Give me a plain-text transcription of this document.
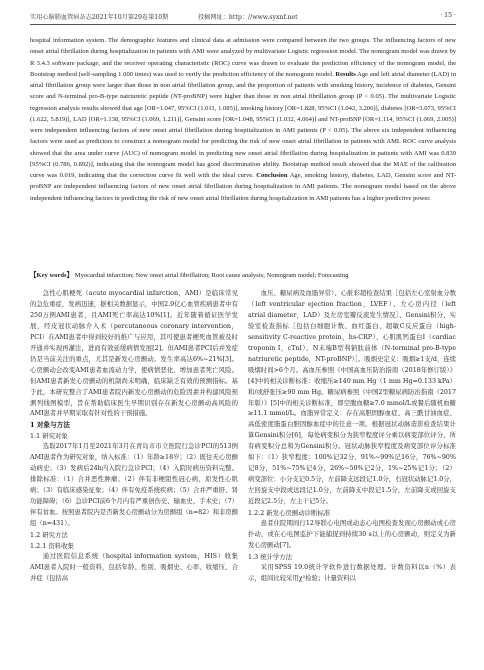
实用心脑肺血管病杂志2021年10月第29卷第10期	投稿网址：http：//www.syxnf.net	· 15 ·
hospital information system. The demographic features and clinical data at admission were compared between the two groups. The influencing factors of new onset atrial fibrillation during hospitalization in patients with AMI were analyzed by multivariate Logistic regression model. The nomogram model was drawn by R 3.4.3 software package, and the receiver operating characteristic (ROC) curve was drawn to evaluate the prediction efficiency of the nomogram model, the Bootstrap method (self-sampling 1 000 times) was used to verify the prediction efficiency of the nomogram model. Results Age and left atrial diameter (LAD) in atrial fibrillation group were larger than those in non atrial fibrillation group, and the proportion of patients with smoking history, incidence of diabetes, Gensini score and N-terminal pro-B-type natriuretic peptide (NT-proBNP) were higher than those in non atrial fibrillation group (P < 0.05). The multivariate Logistic regression analysis results showed that age [OR=1.047, 95%CI (1.011, 1.085)], smoking history [OR=1.828, 95%CI (1.042, 3.206)], diabetes [OR=3.073, 95%CI (1.622, 5.819)], LAD [OR=1.138, 95%CI (1.069, 1.211)], Gensini score [OR=1.048, 95%CI (1.032, 4.064)] and NT-proBNP [OR=1.114, 95%CI (1.069, 2.005)] were independent influencing factors of new onset atrial fibrillation during hospitalization in AMI patients (P < 0.05). The above six independent influencing factors were used as predictors to construct a nomogram model for predicting the risk of new onset atrial fibrillation in patients with AMI. ROC curve analysis showed that the area under curve (AUC) of nomogram model in predicting new onset atrial fibrillation during hospitalization in patients with AMI was 0.839 [95%CI (0.786, 0.892)], indicating that the nomogram model has good discrimination ability. Bootstrap method result showed that the MAE of the calibration curve was 0.019, indicating that the correction curve fit well with the ideal curve. Conclusion Age, smoking history, diabetes, LAD, Gensini score and NT-proBNP are independent influencing factors of new onset atrial fibrillation during hospitalization in AMI patients. The nomogram model based on the above independent influencing factors in predicting the risk of new onset atrial fibrillation during hospitalization in AMI patients has a higher predictive power.
【Key words】 Myocardial infarction; New onset atrial fibrillation; Root cause analysis; Nomogram model; Forecasting

急性心肌梗死（acute myocardial infarction，AMI）是临床常见的急危重症，发病迅速，据相关数据显示，中国2.9亿心血管疾病患者中有250万例AMI患者，且AMI死亡率高达10%[1]。近年随着循证医学发展，经皮冠状动脉介入术（percutaneous coronary intervention，PCI）在AMI患者中得到较好的推广与应用，其可使患者梗死血管被及时开通并实现再灌注，进而有效延缓病情发展[2]。但AMI患者PCI后并发症仍是当前关注的重点，尤其是新发心房颤动。发生率高达6%~21%[3]。心房颤动会改变AMI患者血流动力学，使病情恶化，增加患者死亡风险。但AMI患者新发心房颤动的机制尚未明确，临床缺乏有效的预测指标。基于此，本研究整合了AMI患者院内新发心房颤动的危险因素并构建风险预测列线图模型，旨在帮助临床医生早期识别存在新发心房颤动高风险的AMI患者并早期采取有针对性的干预措施。

1 对象与方法
1.1 研究对象

选取2017年1月至2021年3月在青岛市市立医院行急诊PCI的513例AMI患者作为研究对象，纳入标准：（1）年龄≥18岁；（2）既往无心房颤动病史；（3）发病后24h内入院行急诊PCI；（4）入院时病历资料完整。排除标准：（1）合并恶性肿瘤；（2）伴有非梗阻性冠心病、原发性心肌病；（3）有临床感染征象；（4）伴有免疫系统疾病；（5）合并严重肝、肾功能障碍；（6）急诊PCI前6个月内有严重创伤史、输血史、手术史；（7）伴有贫血。按照患者院内是否新发心房颤动分为房颤组（n=82）和非房颤组（n=431）。

1.2 研究方法
1.2.1 资料收集

通过医院信息系统（hospital information system，HIS）收集AMI患者入院时一般资料，包括年龄、性别、吸烟史、心率、收缩压、合并症（包括高

血压、糖尿病及血脂异常）、心脏彩超检查结果［包括左心室射血分数（left ventricular ejection fraction，LVEF）、左心房内径（left atrial diameter，LAD）及左房室瓣反流发生情况］、Gensini积分、实验室检查指标［包括白细胞计数、血红蛋白、超敏C反应蛋白（high-sensitivity C-reactive protein，hs-CRP）、心肌肌钙蛋白I（cardiac troponin I，cTnI）、N末端B型利钠肽前体（N-terminal pro-B-type natriuretic peptide，NT-proBNP）］。吸烟史定义：吸烟≥1支/d，连续吸烟时间>6个月。高血压参照《中国高血压防治指南（2018年修订版）》[4]中的相关诊断标准：收缩压≥140 mm Hg（1 mm Hg=0.133 kPa）和/或舒张压≥90 mm Hg。糖尿病参照《中国2型糖尿病防治指南（2017年版）》[5]中的相关诊断标准，即空腹血糖≥7.0 mmol/L或餐后随机血糖≥11.1 mmol/L。血脂异常定义：存在高胆固醇血症、高三酰甘油血症、高低密度脂蛋白胆固醇血症中的任意一项。根据冠状动脉造影检查结果计算Gensini积分[6]，每处病变积分为狭窄程度评分乘以病变部位评分，所有病变积分总和为Gensini积分。冠状动脉狭窄程度及病变部位评分标准如下：（1）狭窄程度：100%记32分，91%~99%记16分，76%~90%记8分，51%~75%记4分，26%~50%记2分，1%~25%记1分；（2）病变部位：小分支记0.5分，左前降支远段记1.0分，右冠状动脉记1.0分，左回旋支中段或远段记1.0分，左前降支中段记1.5分，左前降支或回旋支近段记2.5分，左主干记5分。

1.2.2 新发心房颤动诊断标准

患者住院期间行12导联心电图或动态心电图检查发现心房颤动或心房扑动，或在心电图监护下能捕捉到持续30 s以上的心房颤动，则定义为新发心房颤动[7]。

1.3 统计学方法

采用SPSS 19.0统计学软件进行数据处理。计数资料以n（%）表示，组间比较采用χ²检验；计量资料以
